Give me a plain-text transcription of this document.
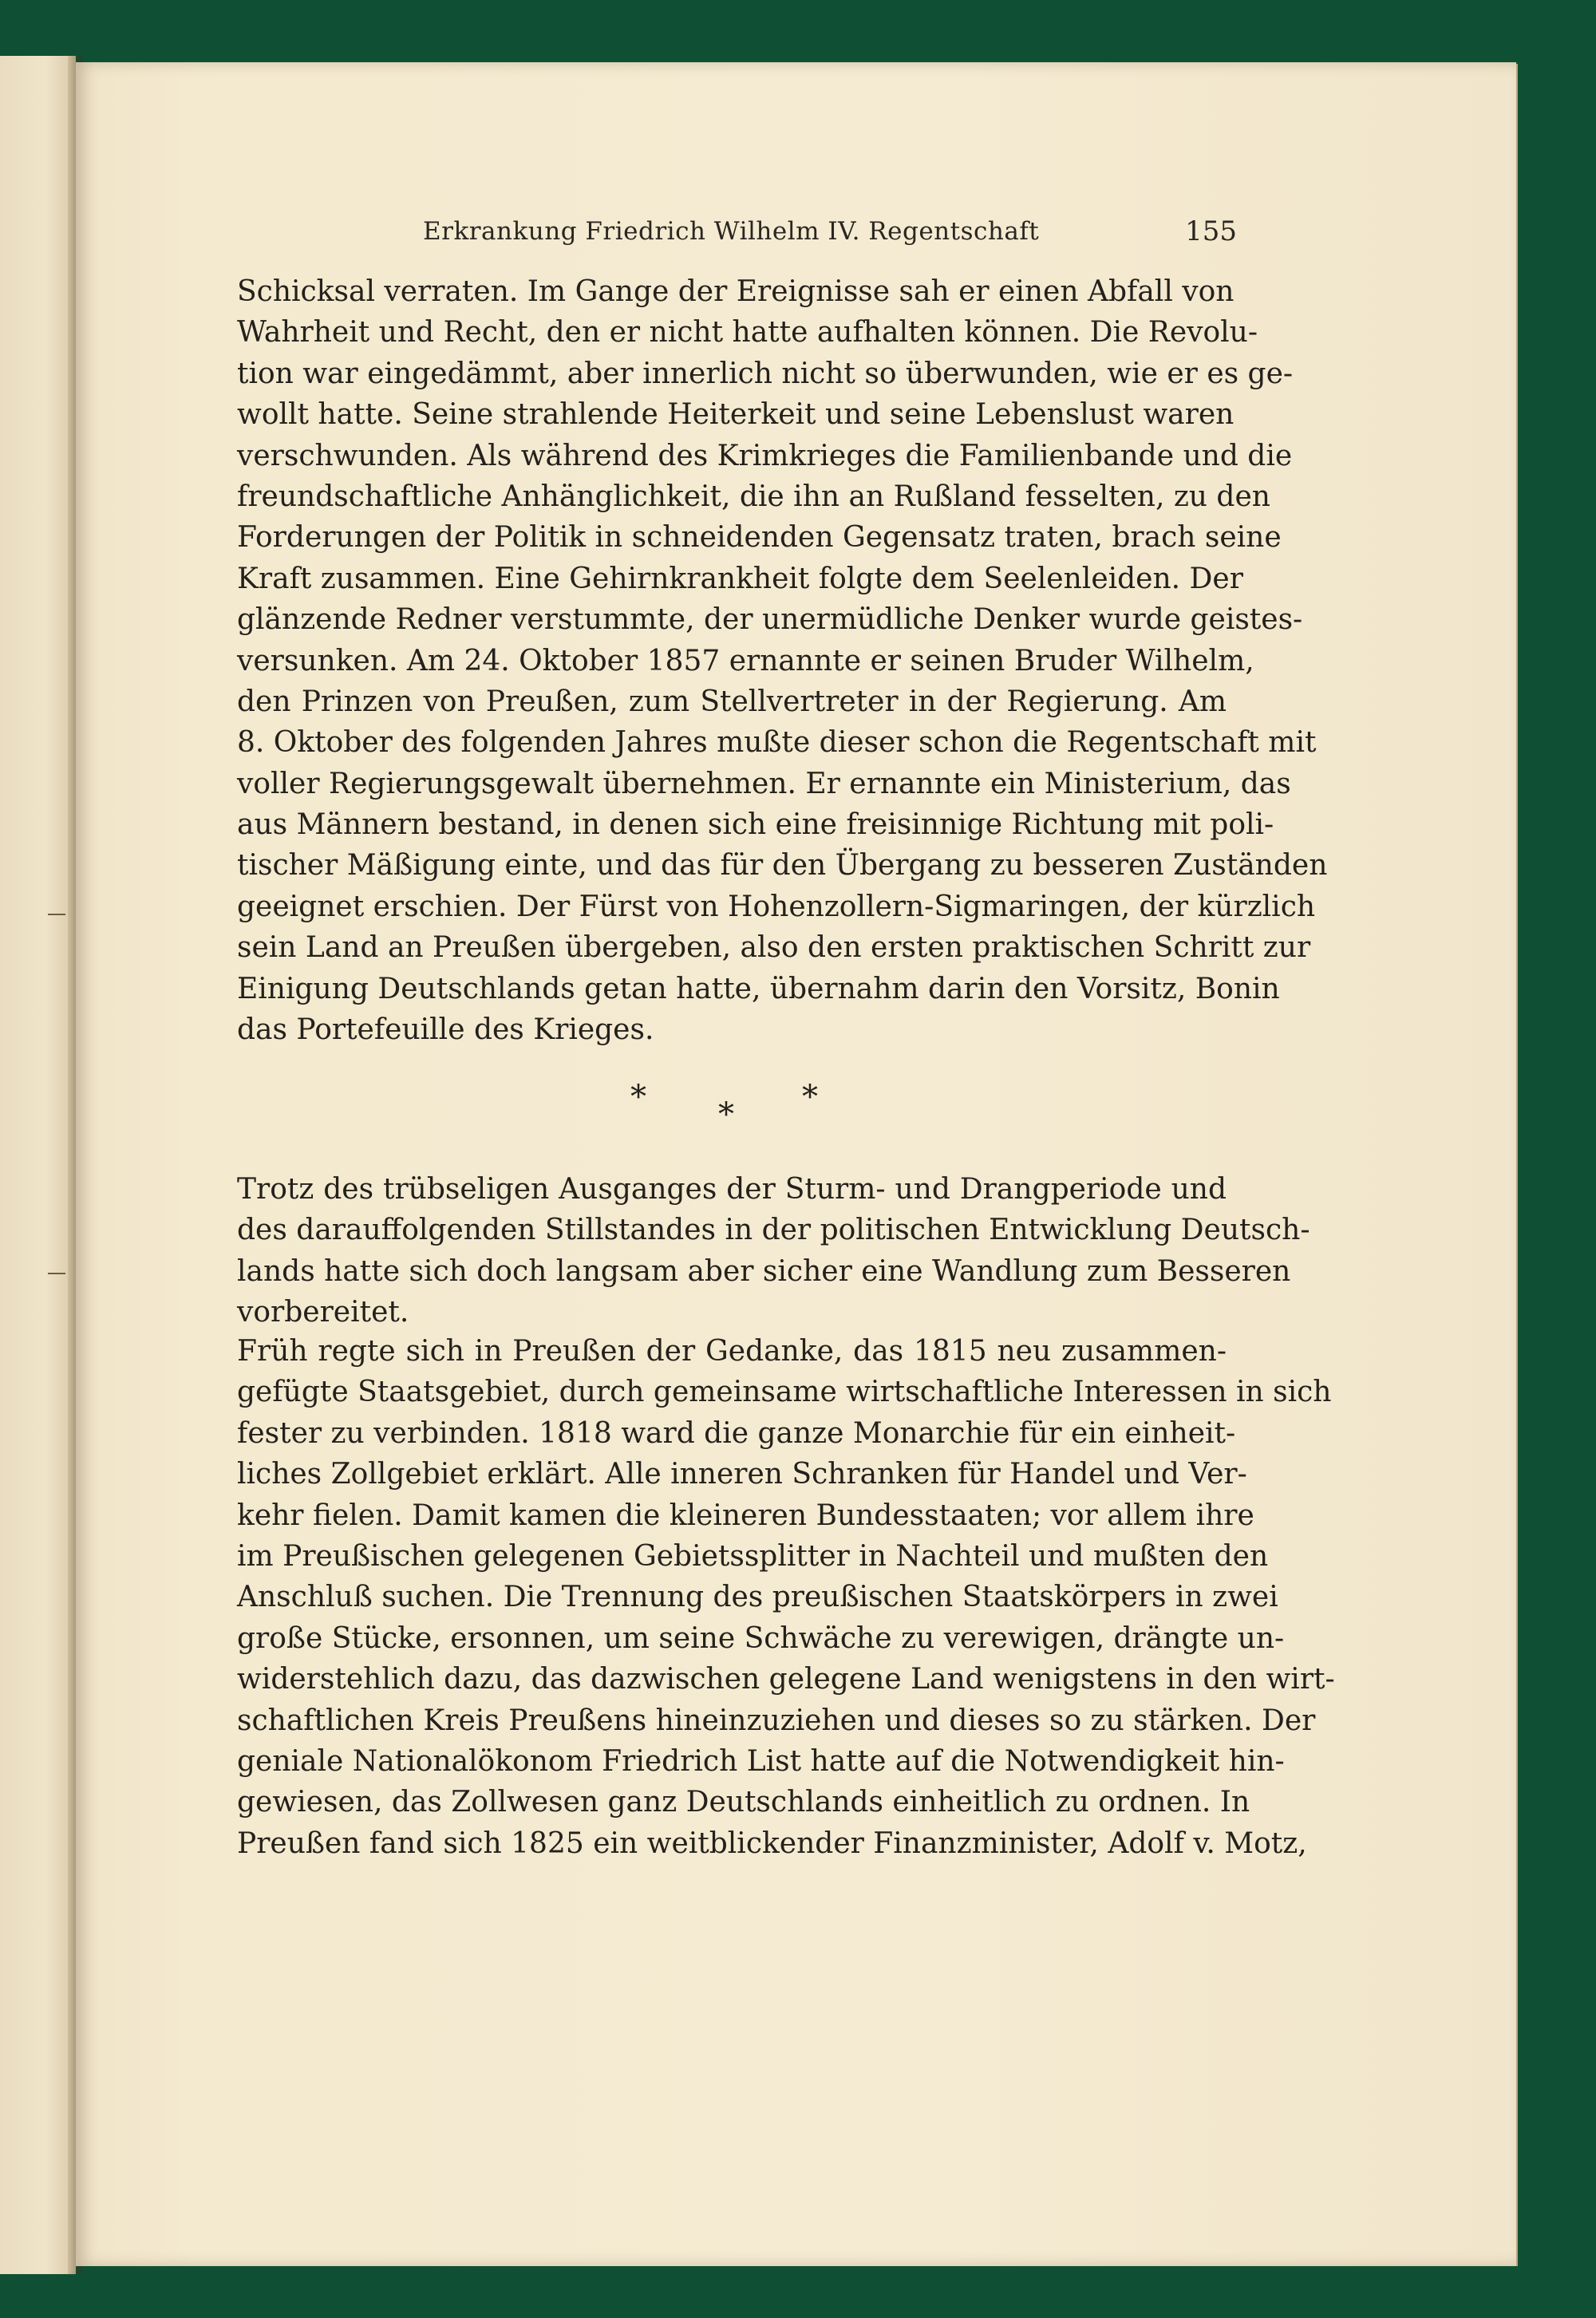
Erkrankung Friedrich Wilhelm IV. Regentschaft	155
Schicksal verraten. Im Gange der Ereignisse sah er einen Abfall von
Wahrheit und Recht, den er nicht hatte aufhalten können. Die Revolu-
tion war eingedämmt, aber innerlich nicht so überwunden, wie er es ge-
wollt hatte. Seine strahlende Heiterkeit und seine Lebenslust waren
verschwunden. Als während des Krimkrieges die Familienbande und die
freundschaftliche Anhänglichkeit, die ihn an Rußland fesselten, zu den
Forderungen der Politik in schneidenden Gegensatz traten, brach seine
Kraft zusammen. Eine Gehirnkrankheit folgte dem Seelenleiden. Der
glänzende Redner verstummte, der unermüdliche Denker wurde geistes-
versunken. Am 24. Oktober 1857 ernannte er seinen Bruder Wilhelm,
den Prinzen von Preußen, zum Stellvertreter in der Regierung. Am
8. Oktober des folgenden Jahres mußte dieser schon die Regentschaft mit
voller Regierungsgewalt übernehmen. Er ernannte ein Ministerium, das
aus Männern bestand, in denen sich eine freisinnige Richtung mit poli-
tischer Mäßigung einte, und das für den Übergang zu besseren Zuständen
geeignet erschien. Der Fürst von Hohenzollern-Sigmaringen, der kürzlich
sein Land an Preußen übergeben, also den ersten praktischen Schritt zur
Einigung Deutschlands getan hatte, übernahm darin den Vorsitz, Bonin
das Portefeuille des Krieges.
* * *
Trotz des trübseligen Ausganges der Sturm- und Drangperiode und
des darauffolgenden Stillstandes in der politischen Entwicklung Deutsch-
lands hatte sich doch langsam aber sicher eine Wandlung zum Besseren
vorbereitet.
Früh regte sich in Preußen der Gedanke, das 1815 neu zusammen-
gefügte Staatsgebiet, durch gemeinsame wirtschaftliche Interessen in sich
fester zu verbinden. 1818 ward die ganze Monarchie für ein einheit-
liches Zollgebiet erklärt. Alle inneren Schranken für Handel und Ver-
kehr fielen. Damit kamen die kleineren Bundesstaaten; vor allem ihre
im Preußischen gelegenen Gebietssplitter in Nachteil und mußten den
Anschluß suchen. Die Trennung des preußischen Staatskörpers in zwei
große Stücke, ersonnen, um seine Schwäche zu verewigen, drängte un-
widerstehlich dazu, das dazwischen gelegene Land wenigstens in den wirt-
schaftlichen Kreis Preußens hineinzuziehen und dieses so zu stärken. Der
geniale Nationalökonom Friedrich List hatte auf die Notwendigkeit hin-
gewiesen, das Zollwesen ganz Deutschlands einheitlich zu ordnen. In
Preußen fand sich 1825 ein weitblickender Finanzminister, Adolf v. Motz,
